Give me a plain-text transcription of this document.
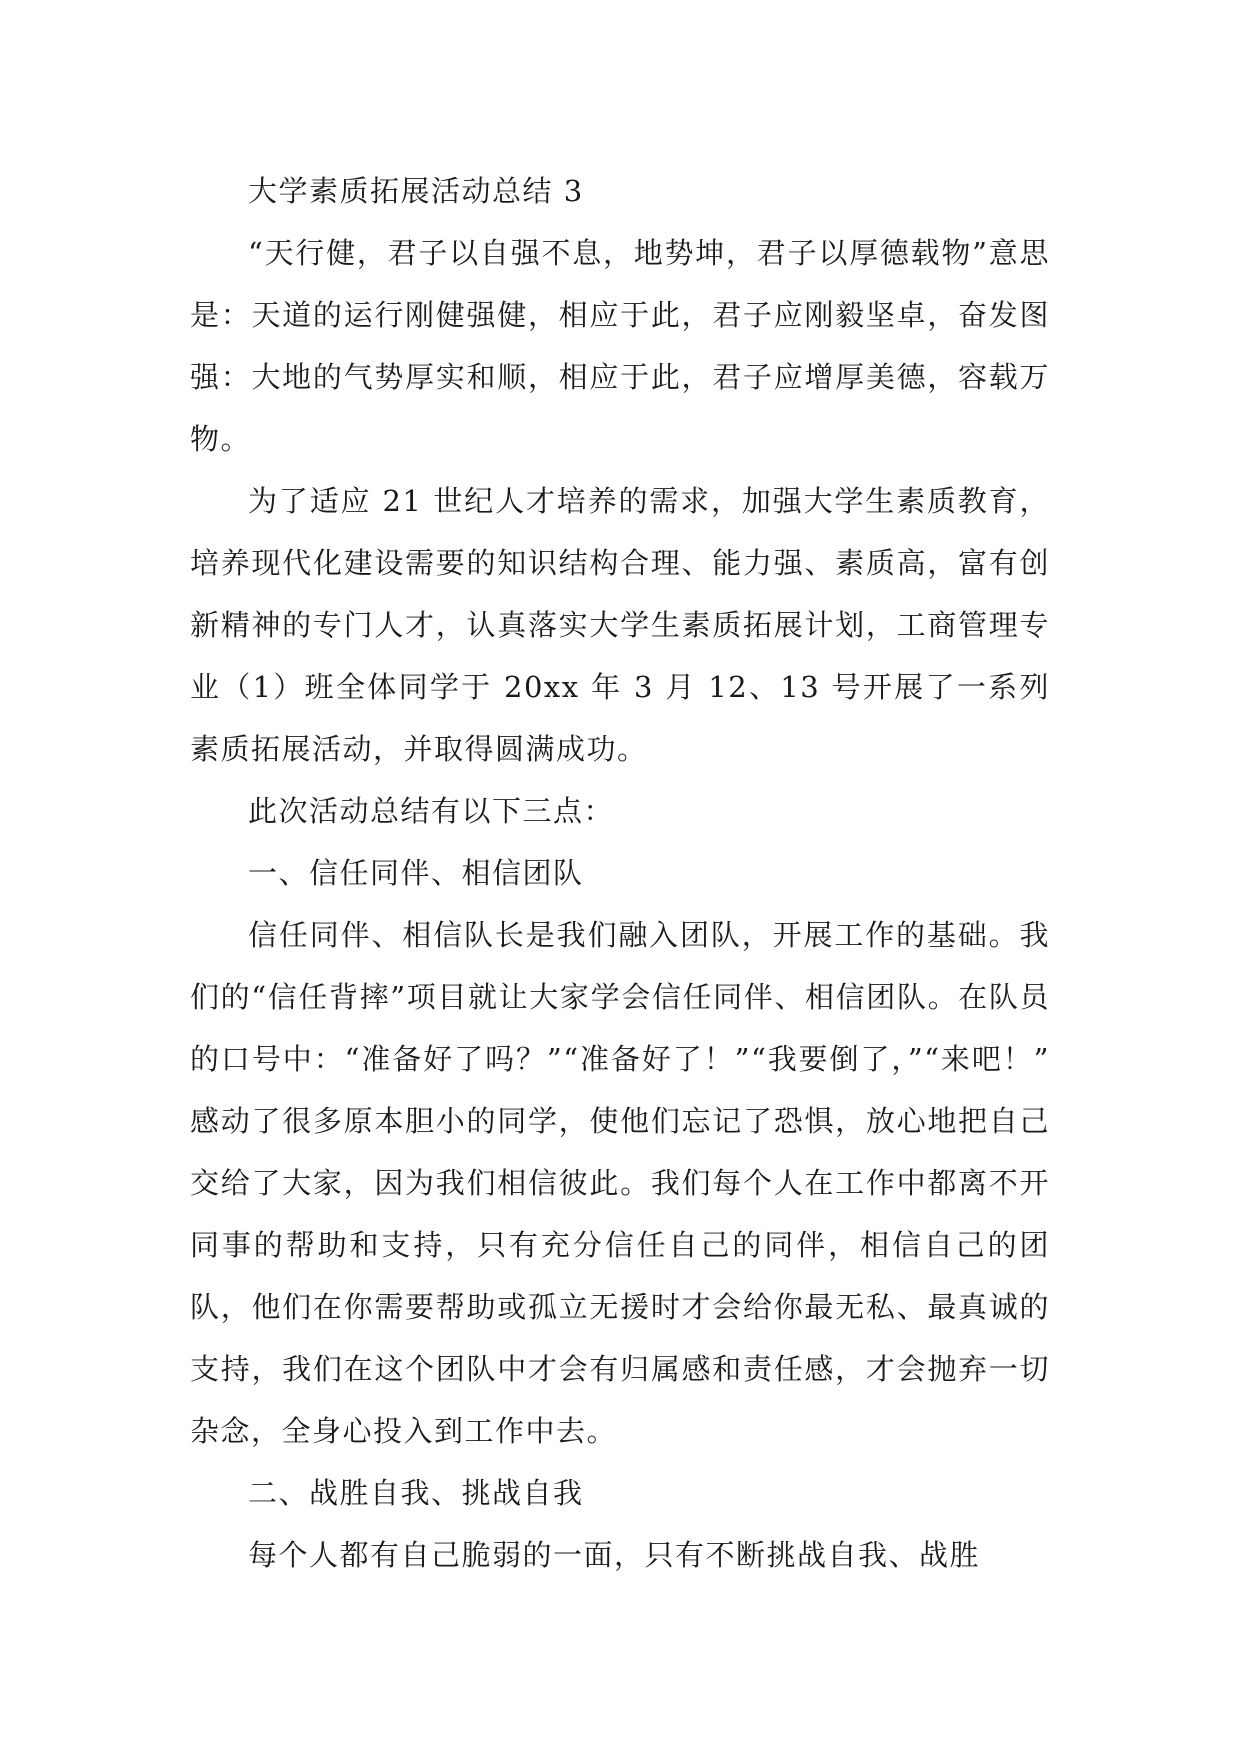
大学素质拓展活动总结 3

“天行健，君子以自强不息，地势坤，君子以厚德载物”意思是：天道的运行刚健强健，相应于此，君子应刚毅坚卓，奋发图强：大地的气势厚实和顺，相应于此，君子应增厚美德，容载万物。

为了适应 21 世纪人才培养的需求，加强大学生素质教育，培养现代化建设需要的知识结构合理、能力强、素质高，富有创新精神的专门人才，认真落实大学生素质拓展计划，工商管理专业（1）班全体同学于 20xx 年 3 月 12、13 号开展了一系列素质拓展活动，并取得圆满成功。

此次活动总结有以下三点：

一、信任同伴、相信团队

信任同伴、相信队长是我们融入团队，开展工作的基础。我们的“信任背摔”项目就让大家学会信任同伴、相信团队。在队员的口号中：“准备好了吗？”“准备好了！”“我要倒了，”“来吧！” 感动了很多原本胆小的同学，使他们忘记了恐惧，放心地把自己交给了大家，因为我们相信彼此。我们每个人在工作中都离不开同事的帮助和支持，只有充分信任自己的同伴，相信自己的团队，他们在你需要帮助或孤立无援时才会给你最无私、最真诚的支持，我们在这个团队中才会有归属感和责任感，才会抛弃一切杂念，全身心投入到工作中去。

二、战胜自我、挑战自我

每个人都有自己脆弱的一面，只有不断挑战自我、战胜
